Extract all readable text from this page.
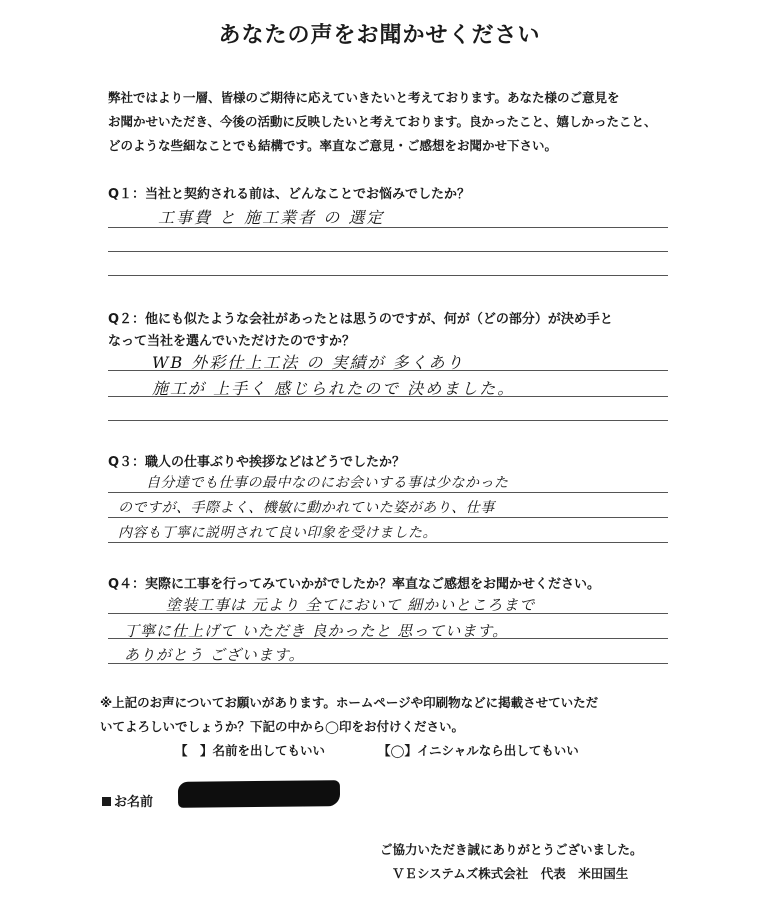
あなたの声をお聞かせください
弊社ではより一層、皆様のご期待に応えていきたいと考えております。あなた様のご意見を
お聞かせいただき、今後の活動に反映したいと考えております。良かったこと、嬉しかったこと、
どのような些細なことでも結構です。率直なご意見・ご感想をお聞かせ下さい。
Q１：当社と契約される前は、どんなことでお悩みでしたか？
工事費 と 施工業者 の 選定
Q２：他にも似たような会社があったとは思うのですが、何が（どの部分）が決め手と
なって当社を選んでいただけたのですか？
WB 外彩仕上工法 の 実績が 多くあり
施工が 上手く 感じられたので 決めました。
Q３：職人の仕事ぶりや挨拶などはどうでしたか？
自分達でも仕事の最中なのにお会いする事は少なかった
のですが、手際よく、機敏に動かれていた姿があり、仕事
内容も丁寧に説明されて良い印象を受けました。
Q４：実際に工事を行ってみていかがでしたか？率直なご感想をお聞かせください。
塗装工事は 元より 全てにおいて 細かいところまで
丁寧に仕上げて いただき 良かったと 思っています。
ありがとう ございます。
※上記のお声についてお願いがあります。ホームページや印刷物などに掲載させていただ
いてよろしいでしょうか？下記の中から◯印をお付けください。
【　】名前を出してもいい	【◯】イニシャルなら出してもいい
お名前
ご協力いただき誠にありがとうございました。
ＶＥシステムズ株式会社　代表　米田国生
